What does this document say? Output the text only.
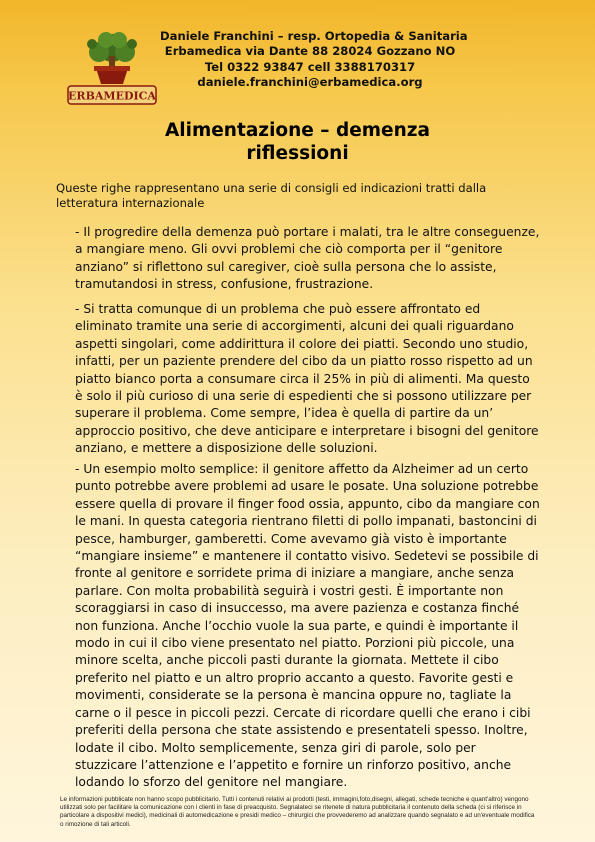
ERBAMEDICA
Daniele Franchini – resp. Ortopedia & Sanitaria
Erbamedica via Dante 88 28024 Gozzano NO
Tel 0322 93847 cell 3388170317
daniele.franchini@erbamedica.org
Alimentazione – demenza
riflessioni
Queste righe rappresentano una serie di consigli ed indicazioni tratti dalla letteratura internazionale
- Il progredire della demenza può portare i malati, tra le altre conseguenze, a mangiare meno. Gli ovvi problemi che ciò comporta per il “genitore anziano” si riflettono sul caregiver, cioè sulla persona che lo assiste, tramutandosi in stress, confusione, frustrazione.
- Si tratta comunque di un problema che può essere affrontato ed eliminato tramite una serie di accorgimenti, alcuni dei quali riguardano aspetti singolari, come addirittura il colore dei piatti. Secondo uno studio, infatti, per un paziente prendere del cibo da un piatto rosso rispetto ad un piatto bianco porta a consumare circa il 25% in più di alimenti. Ma questo è solo il più curioso di una serie di espedienti che si possono utilizzare per superare il problema. Come sempre, l’idea è quella di partire da un’ approccio positivo, che deve anticipare e interpretare i bisogni del genitore anziano, e mettere a disposizione delle soluzioni.
- Un esempio molto semplice: il genitore affetto da Alzheimer ad un certo punto potrebbe avere problemi ad usare le posate. Una soluzione potrebbe essere quella di provare il finger food ossia, appunto, cibo da mangiare con le mani. In questa categoria rientrano filetti di pollo impanati, bastoncini di pesce, hamburger, gamberetti. Come avevamo già visto è importante “mangiare insieme” e mantenere il contatto visivo. Sedetevi se possibile di fronte al genitore e sorridete prima di iniziare a mangiare, anche senza parlare. Con molta probabilità seguirà i vostri gesti. È importante non scoraggiarsi in caso di insuccesso, ma avere pazienza e costanza finché non funziona. Anche l’occhio vuole la sua parte, e quindi è importante il modo in cui il cibo viene presentato nel piatto. Porzioni più piccole, una minore scelta, anche piccoli pasti durante la giornata. Mettete il cibo preferito nel piatto e un altro proprio accanto a questo. Favorite gesti e movimenti, considerate se la persona è mancina oppure no, tagliate la carne o il pesce in piccoli pezzi. Cercate di ricordare quelli che erano i cibi preferiti della persona che state assistendo e presentateli spesso. Inoltre, lodate il cibo. Molto semplicemente, senza giri di parole, solo per stuzzicare l’attenzione e l’appetito e fornire un rinforzo positivo, anche lodando lo sforzo del genitore nel mangiare.
Le informazioni pubblicate non hanno scopo pubblicitario. Tutti i contenuti relativi ai prodotti (testi, immagini,foto,disegni, allegati, schede tecniche e quant'altro) vengono utilizzati solo per facilitare la comunicazione con i clienti in fase di preacquisto. Segnalateci se ritenete di natura pubblicitaria il contenuto della scheda (ci si riferisce in particolare a dispositivi medici), medicinali di automedicazione e presidi medico – chirurgici che provvederemo ad analizzare quando segnalato e ad un'eventuale modifica o rimozione di tali articoli.
